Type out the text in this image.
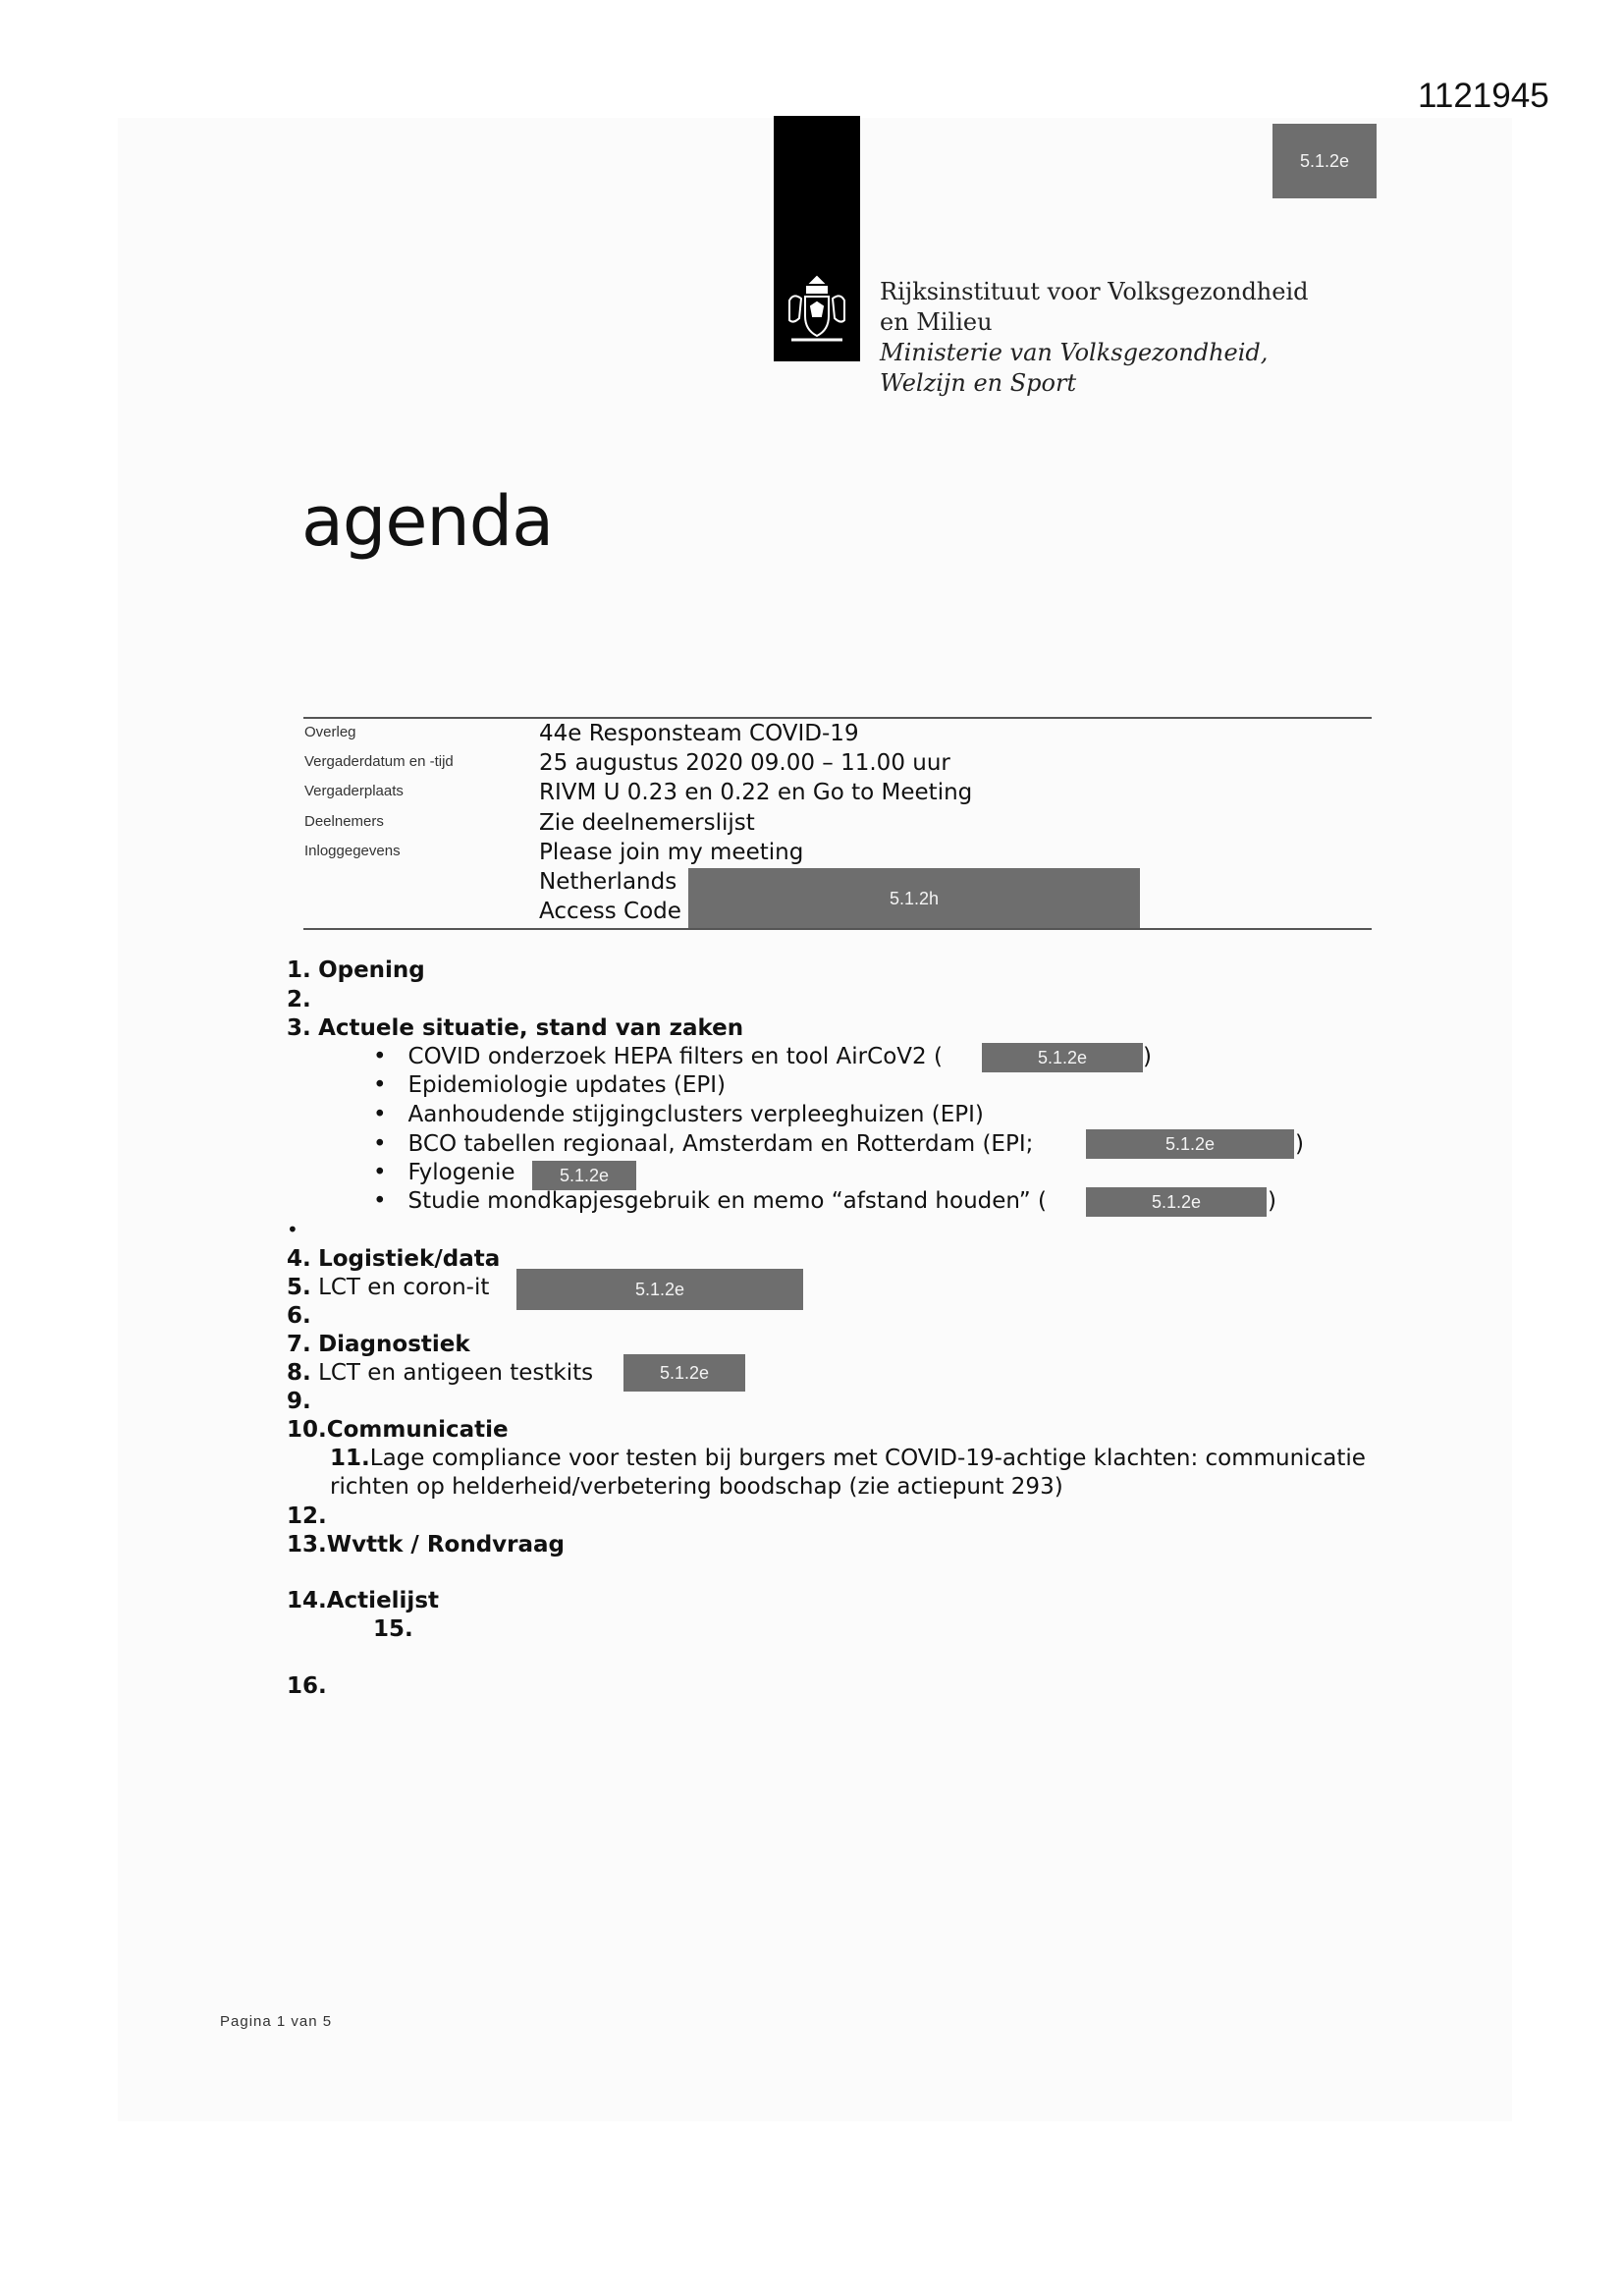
1121945
5.1.2e
Rijksinstituut voor Volksgezondheid
en Milieu
Ministerie van Volksgezondheid,
Welzijn en Sport
agenda
Overleg	44e Responsteam COVID-19
Vergaderdatum en -tijd	25 augustus 2020 09.00 – 11.00 uur
Vergaderplaats	RIVM U 0.23 en 0.22 en Go to Meeting
Deelnemers	Zie deelnemerslijst
Inloggegevens	Please join my meeting
Netherlands
Access Code
5.1.2h
1. Opening
2.
3. Actuele situatie, stand van zaken
• COVID onderzoek HEPA filters en tool AirCoV2 (	5.1.2e	)
• Epidemiologie updates (EPI)
• Aanhoudende stijgingclusters verpleeghuizen (EPI)
• BCO tabellen regionaal, Amsterdam en Rotterdam (EPI;	5.1.2e	)
• Fylogenie	5.1.2e
• Studie mondkapjesgebruik en memo “afstand houden” (	5.1.2e	)
•
4. Logistiek/data
5. LCT en coron-it	5.1.2e
6.
7. Diagnostiek
8. LCT en antigeen testkits	5.1.2e
9.
10.Communicatie
11.Lage compliance voor testen bij burgers met COVID-19-achtige klachten: communicatie
richten op helderheid/verbetering boodschap (zie actiepunt 293)
12.
13.Wvttk / Rondvraag
14.Actielijst
15.
16.
Pagina 1 van 5
